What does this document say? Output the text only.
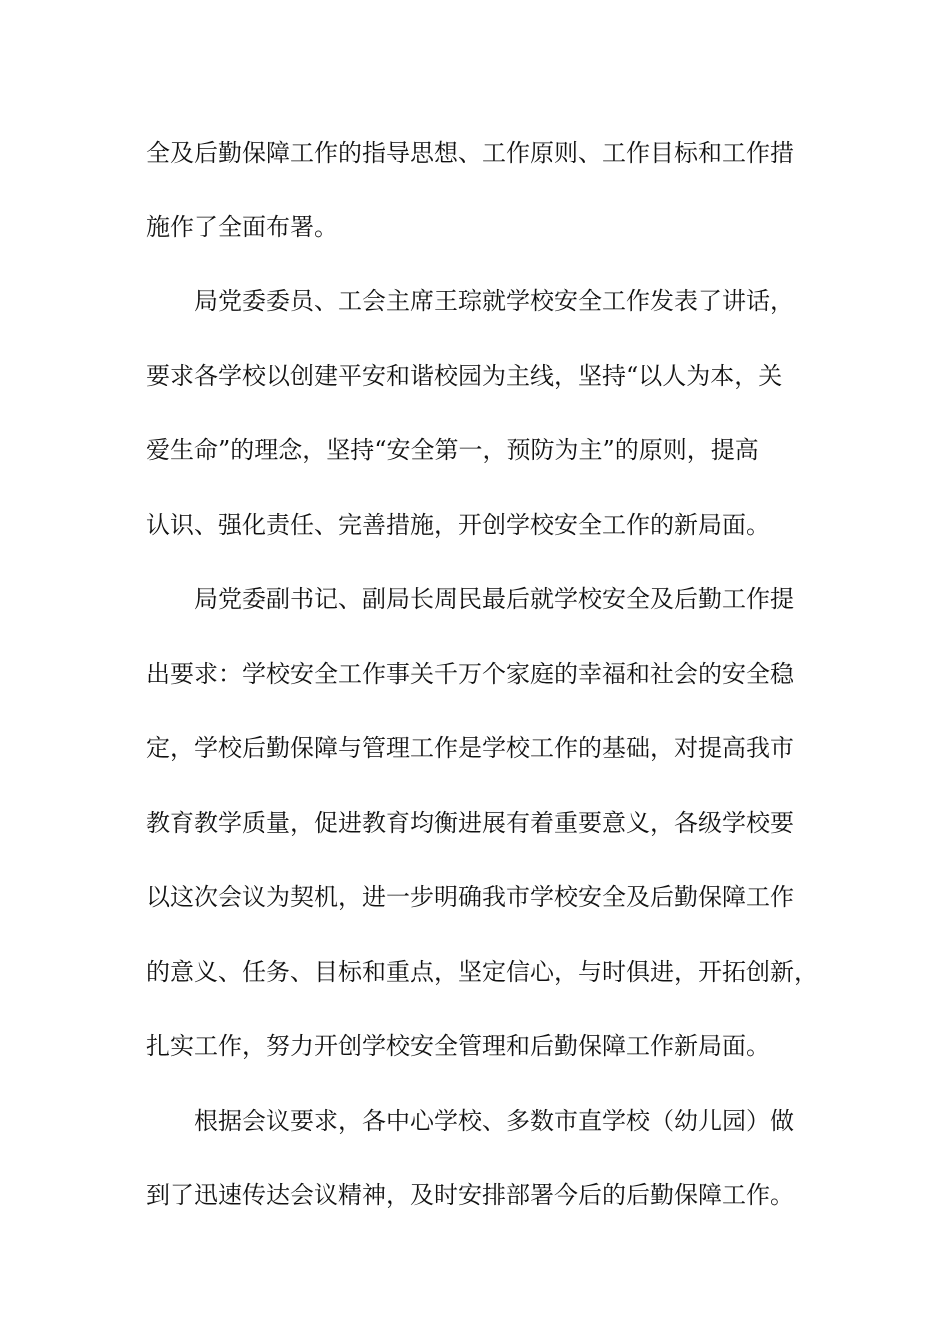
全及后勤保障工作的指导思想、工作原则、工作目标和工作措
施作了全面布署。
局党委委员、工会主席王琮就学校安全工作发表了讲话，
要求各学校以创建平安和谐校园为主线，坚持“以人为本，关
爱生命”的理念，坚持“安全第一，预防为主”的原则，提高
认识、强化责任、完善措施，开创学校安全工作的新局面。
局党委副书记、副局长周民最后就学校安全及后勤工作提
出要求：学校安全工作事关千万个家庭的幸福和社会的安全稳
定，学校后勤保障与管理工作是学校工作的基础，对提高我市
教育教学质量，促进教育均衡进展有着重要意义，各级学校要
以这次会议为契机，进一步明确我市学校安全及后勤保障工作
的意义、任务、目标和重点，坚定信心，与时俱进，开拓创新，
扎实工作，努力开创学校安全管理和后勤保障工作新局面。
根据会议要求，各中心学校、多数市直学校（幼儿园）做
到了迅速传达会议精神，及时安排部署今后的后勤保障工作。
